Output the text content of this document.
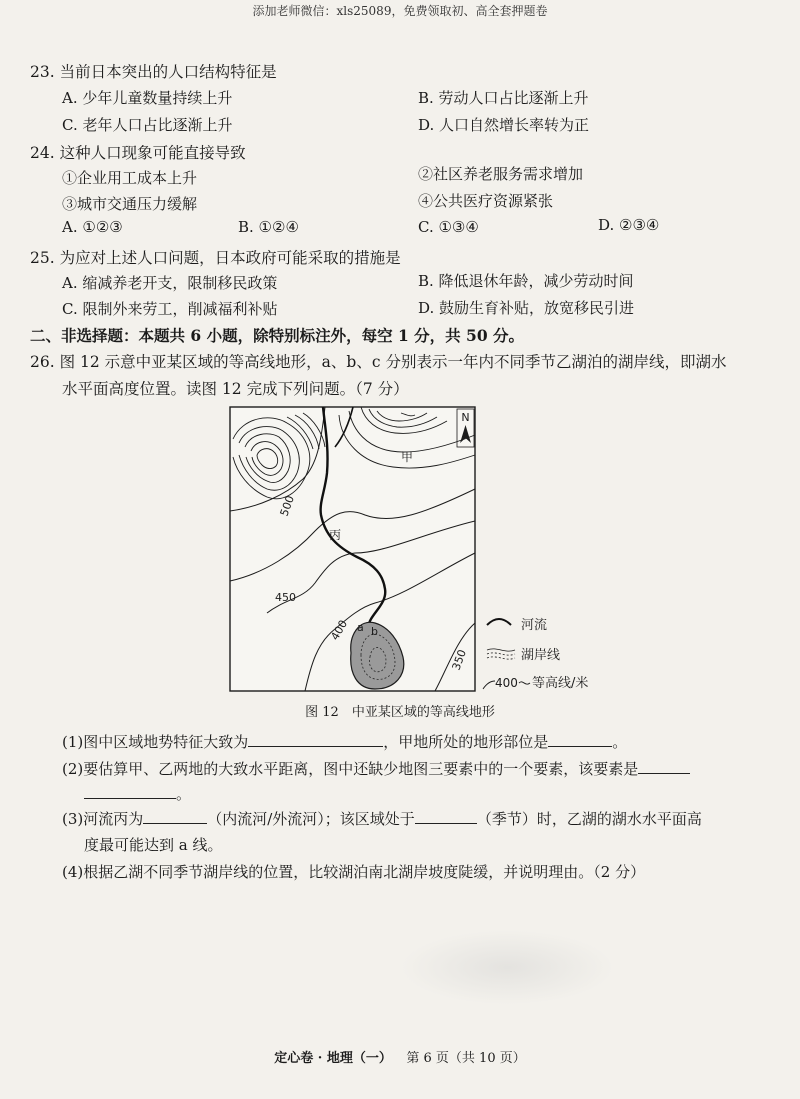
添加老师微信：xls25089，免费领取初、高全套押题卷
23. 当前日本突出的人口结构特征是
A. 少年儿童数量持续上升	B. 劳动人口占比逐渐上升
C. 老年人口占比逐渐上升	D. 人口自然增长率转为正
24. 这种人口现象可能直接导致
①企业用工成本上升	②社区养老服务需求增加
③城市交通压力缓解	④公共医疗资源紧张
A. ①②③	B. ①②④	C. ①③④	D. ②③④
25. 为应对上述人口问题，日本政府可能采取的措施是
A. 缩减养老开支，限制移民政策	B. 降低退休年龄，减少劳动时间
C. 限制外来劳工，削减福利补贴	D. 鼓励生育补贴，放宽移民引进
二、非选择题：本题共 6 小题，除特别标注外，每空 1 分，共 50 分。
26. 图 12 示意中亚某区域的等高线地形，a、b、c 分别表示一年内不同季节乙湖泊的湖岸线，即湖水
水平面高度位置。读图 12 完成下列问题。（7 分）
N
甲
丙
a b
500
450
400
350
河流
湖岸线
400 等高线/米
图 12　中亚某区域的等高线地形
(1)图中区域地势特征大致为	，甲地所处的地形部位是	。
(2)要估算甲、乙两地的大致水平距离，图中还缺少地图三要素中的一个要素，该要素是
。
(3)河流丙为	（内流河/外流河）；该区域处于	（季节）时，乙湖的湖水水平面高
度最可能达到 a 线。
(4)根据乙湖不同季节湖岸线的位置，比较湖泊南北湖岸坡度陡缓，并说明理由。（2 分）
定心卷 · 地理（一） 第 6 页（共 10 页）
